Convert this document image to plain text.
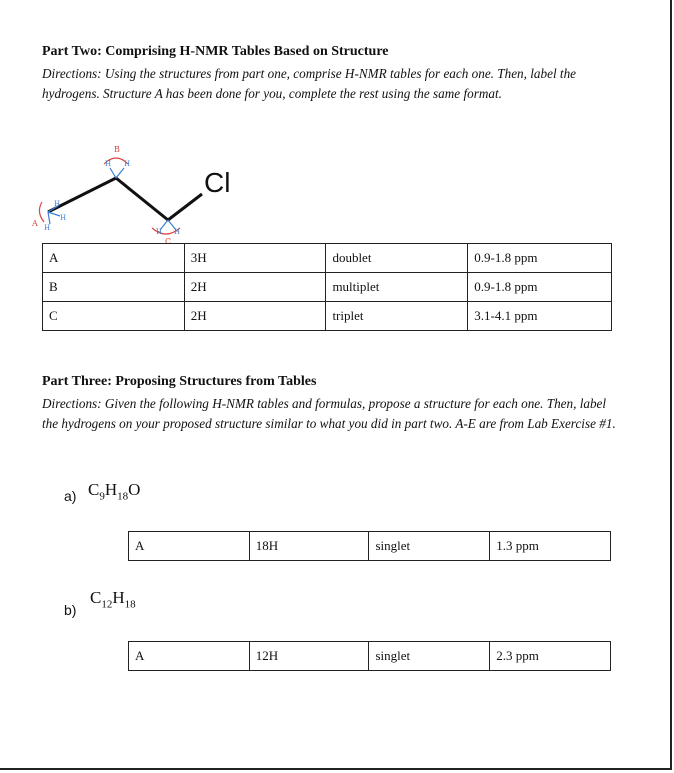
Part Two: Comprising H-NMR Tables Based on Structure
Directions: Using the structures from part one, comprise H-NMR tables for each one. Then, label the hydrogens. Structure A has been done for you, complete the rest using the same format.
H
H
H
A
H H
B
H H
C
Cl
A	3H	doublet	0.9-1.8 ppm
B	2H	multiplet	0.9-1.8 ppm
C	2H	triplet	3.1-4.1 ppm
Part Three: Proposing Structures from Tables
Directions: Given the following H-NMR tables and formulas, propose a structure for each one. Then, label the hydrogens on your proposed structure similar to what you did in part two. A-E are from Lab Exercise #1.
a) $C_9H_{18}O$
A	18H	singlet	1.3 ppm
b)
$C_{12}H_{18}$
A	12H	singlet	2.3 ppm
